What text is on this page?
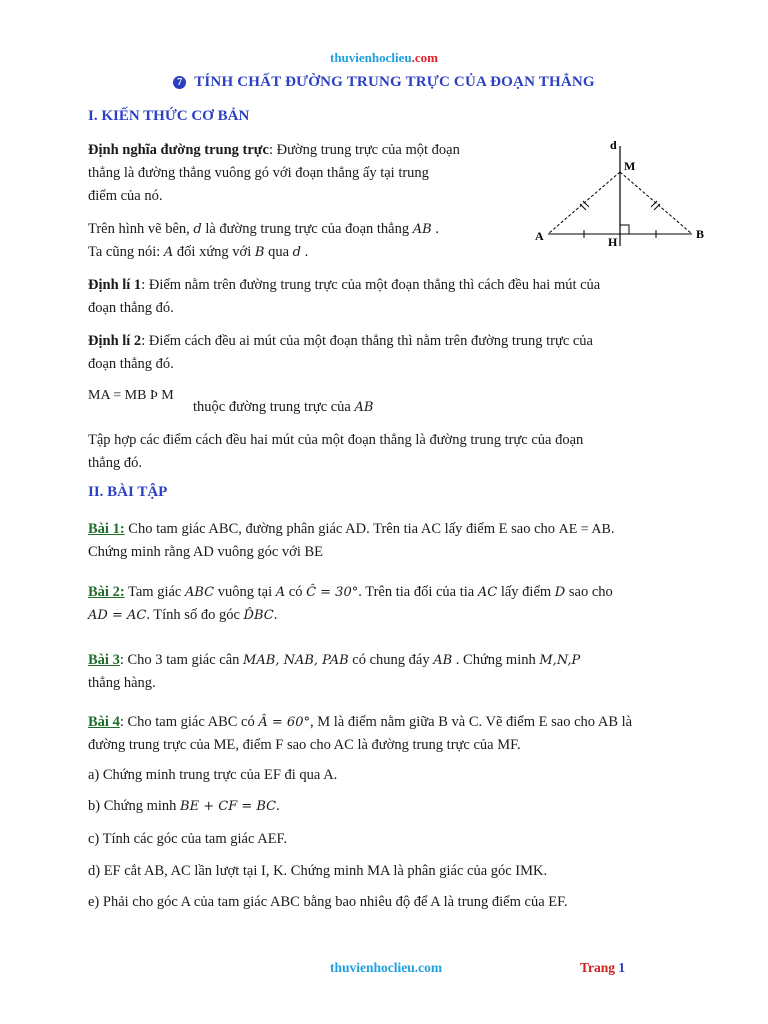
thuvienhoclieu.com
7 TÍNH CHẤT ĐƯỜNG TRUNG TRỰC CỦA ĐOẠN THẲNG
I. KIẾN THỨC CƠ BẢN
Định nghĩa đường trung trực: Đường trung trực của một đoạn
thẳng là đường thẳng vuông gó với đoạn thẳng ấy tại trung
điểm của nó.
Trên hình vẽ bên, d là đường trung trực của đoạn thẳng AB .
Ta cũng nói: A đối xứng với B qua d .
d
M
A	H
B
Định lí 1: Điểm nằm trên đường trung trực của một đoạn thẳng thì cách đều hai mút của
đoạn thẳng đó.
Định lí 2: Điểm cách đều ai mút của một đoạn thẳng thì nằm trên đường trung trực của
đoạn thẳng đó.
MA = MB Þ M
thuộc đường trung trực của AB
Tập hợp các điểm cách đều hai mút của một đoạn thẳng là đường trung trực của đoạn
thẳng đó.
II. BÀI TẬP
Bài 1: Cho tam giác ABC, đường phân giác AD. Trên tia AC lấy điểm E sao cho AE = AB.
Chứng minh rằng AD vuông góc với BE
Bài 2: Tam giác ABC vuông tại A có Ĉ = 30°. Trên tia đối của tia AC lấy điểm D sao cho
AD = AC. Tính số đo góc D̂BC.
Bài 3: Cho 3 tam giác cân MAB, NAB, PAB có chung đáy AB . Chứng minh M,N,P
thẳng hàng.
Bài 4: Cho tam giác ABC có Â = 60°, M là điểm nằm giữa B và C. Vẽ điểm E sao cho AB là
đường trung trực của ME, điểm F sao cho AC là đường trung trực của MF.
a) Chứng minh trung trực của EF đi qua A.
b) Chứng minh BE + CF = BC.
c) Tính các góc của tam giác AEF.
d) EF cắt AB, AC lần lượt tại I, K. Chứng minh MA là phân giác của góc IMK.
e) Phải cho góc A của tam giác ABC bằng bao nhiêu độ để A là trung điểm của EF.
thuvienhoclieu.com	Trang 1
